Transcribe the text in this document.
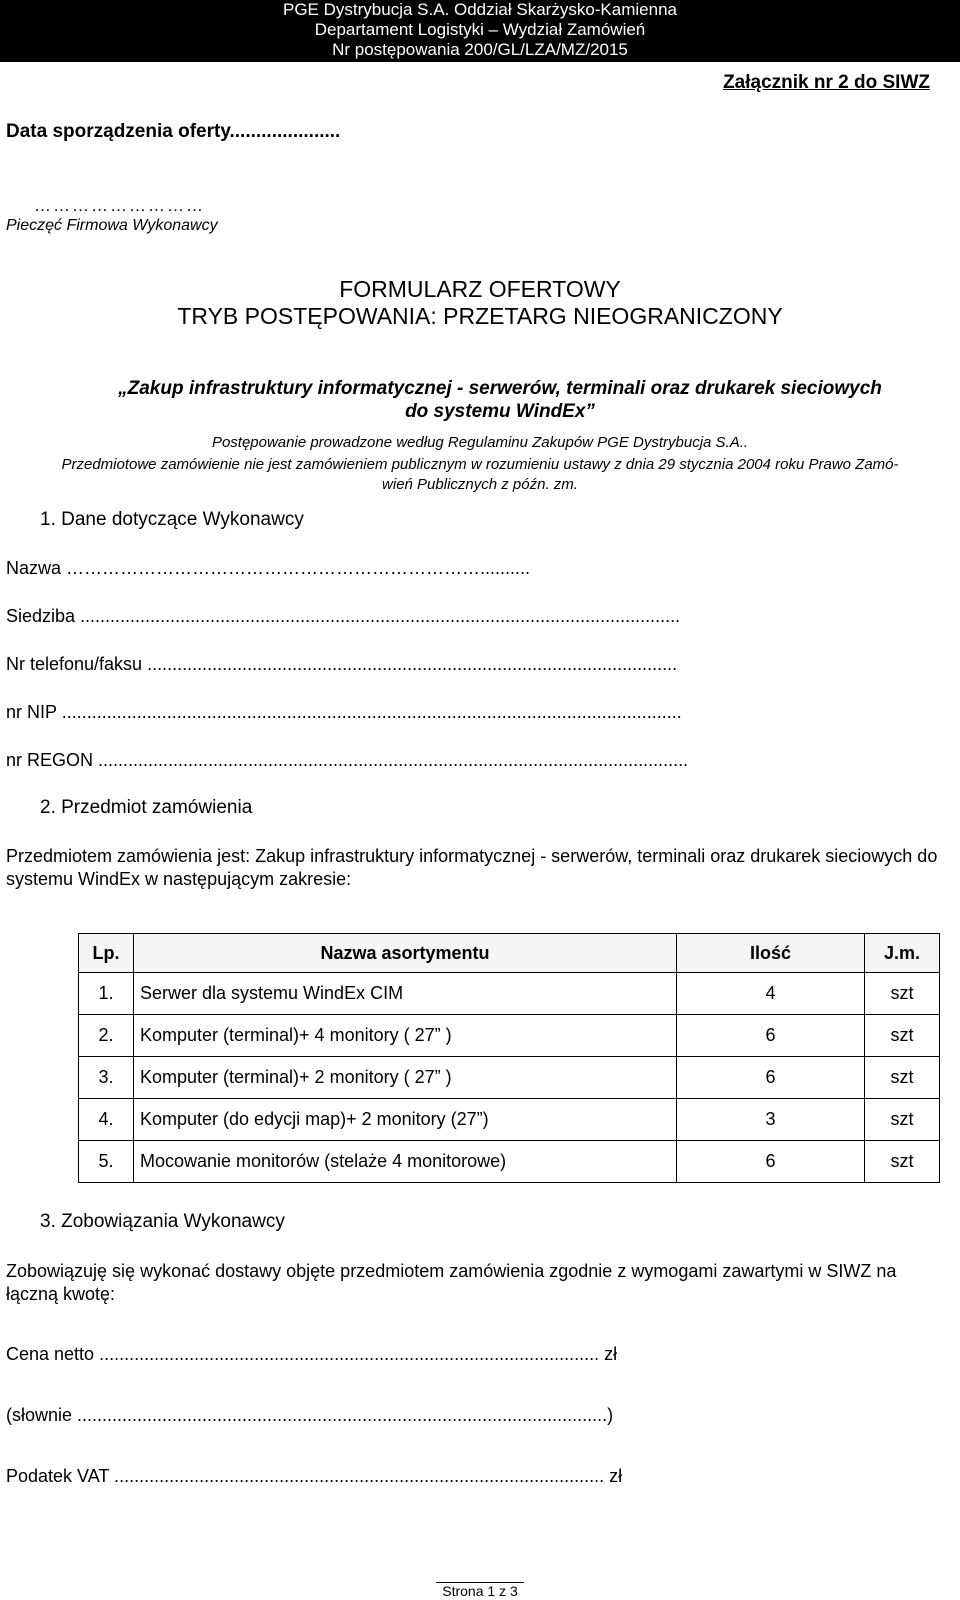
PGE Dystrybucja S.A. Oddział Skarżysko-Kamienna
Departament Logistyki – Wydział Zamówień
Nr postępowania 200/GL/LZA/MZ/2015
Załącznik nr 2 do SIWZ
Data sporządzenia oferty.....................
………………………
Pieczęć Firmowa Wykonawcy
FORMULARZ OFERTOWY
TRYB POSTĘPOWANIA: PRZETARG NIEOGRANICZONY
„Zakup infrastruktury informatycznej - serwerów, terminali oraz drukarek sieciowych
do systemu WindEx”
Postępowanie prowadzone według Regulaminu Zakupów PGE Dystrybucja S.A..
Przedmiotowe zamówienie nie jest zamówieniem publicznym w rozumieniu ustawy z dnia 29 stycznia 2004 roku Prawo Zamó-
wień Publicznych z późn. zm.
1. Dane dotyczące Wykonawcy
Nazwa ……………………………………………………………..........
Siedziba ........................................................................................................................
Nr telefonu/faksu ..........................................................................................................
nr NIP ............................................................................................................................
nr REGON ......................................................................................................................
2. Przedmiot zamówienia
Przedmiotem zamówienia jest: Zakup infrastruktury informatycznej - serwerów, terminali oraz drukarek sieciowych do systemu WindEx w następującym zakresie:
Lp.	Nazwa asortymentu	Ilość	J.m.
1.	Serwer dla systemu WindEx CIM	4	szt
2.	Komputer (terminal)+ 4 monitory ( 27” )	6	szt
3.	Komputer (terminal)+ 2 monitory ( 27” )	6	szt
4.	Komputer (do edycji map)+ 2 monitory (27”)	3	szt
5.	Mocowanie monitorów (stelaże 4 monitorowe)	6	szt
3. Zobowiązania Wykonawcy
Zobowiązuję się wykonać dostawy objęte przedmiotem zamówienia zgodnie z wymogami zawartymi w SIWZ na łączną kwotę:
Cena netto .................................................................................................... zł
(słownie ..........................................................................................................)
Podatek VAT .................................................................................................. zł
Strona 1 z 3
